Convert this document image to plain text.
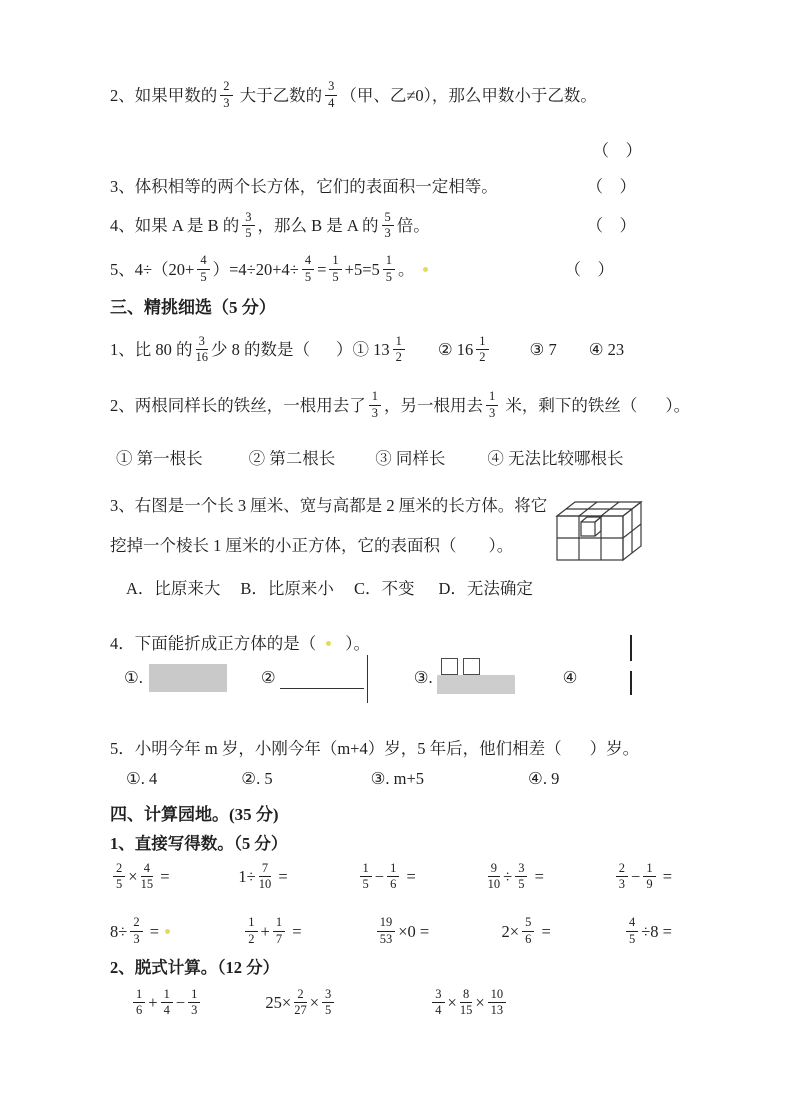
2、如果甲数的 $\frac{2}{3}$ 大于乙数的 $\frac{3}{4}$ （甲、乙≠0），那么甲数小于乙数。
（　）
3、体积相等的两个长方体，它们的表面积一定相等。	（　）
4、如果 A 是 B 的 $\frac{3}{5}$ ，那么 B 是 A 的 $\frac{5}{3}$ 倍。	（　）
5、$4\div(20+ \frac{4}{5} )=4\div 20+4\div \frac{4}{5} = \frac{1}{5} +5=5 \frac{1}{5}$ 。	（　）
三、精挑细选（5 分）
1、比 80 的 $\frac{3}{16}$ 少 8 的数是（ ）① $13 \frac{1}{2}$ ② $16 \frac{1}{2}$ ③ 7 ④ 23
2、两根同样长的铁丝，一根用去了 $\frac{1}{3}$ ，另一根用去 $\frac{1}{3}$ 米，剩下的铁丝（ ）。
① 第一根长	② 第二根长 ③ 同样长	④ 无法比较哪根长
3、右图是一个长 3 厘米、宽与高都是 2 厘米的长方体。将它
挖掉一个棱长 1 厘米的小正方体，它的表面积（ ）。
A．比原来大 B．比原来小 C．不变 D．无法确定
4．下面能折成正方体的是（ ）。
①.	②	③.	④
5．小明今年 m 岁，小刚今年（m+4）岁，5 年后，他们相差（ ）岁。
①. 4	②. 5	③. m+5	④. 9
四、计算园地。(35 分)
1、直接写得数。（5 分）
$\frac{2}{5} \times \frac{4}{15}$ =	$1\div \frac{7}{10}$ =	$\frac{1}{5} - \frac{1}{6}$ =	$\frac{9}{10} \div \frac{3}{5}$ =	$\frac{2}{3} - \frac{1}{9}$ =
$8\div \frac{2}{3}$ =	$\frac{1}{2} + \frac{1}{7}$ =	$\frac{19}{53} \times 0$ =	$2\times \frac{5}{6}$ =	$\frac{4}{5} \div 8$ =
2、脱式计算。（12 分）
$\frac{1}{6} + \frac{1}{4} - \frac{1}{3}$	$25\times \frac{2}{27} \times \frac{3}{5}$	$\frac{3}{4} \times \frac{8}{15} \times \frac{10}{13}$
